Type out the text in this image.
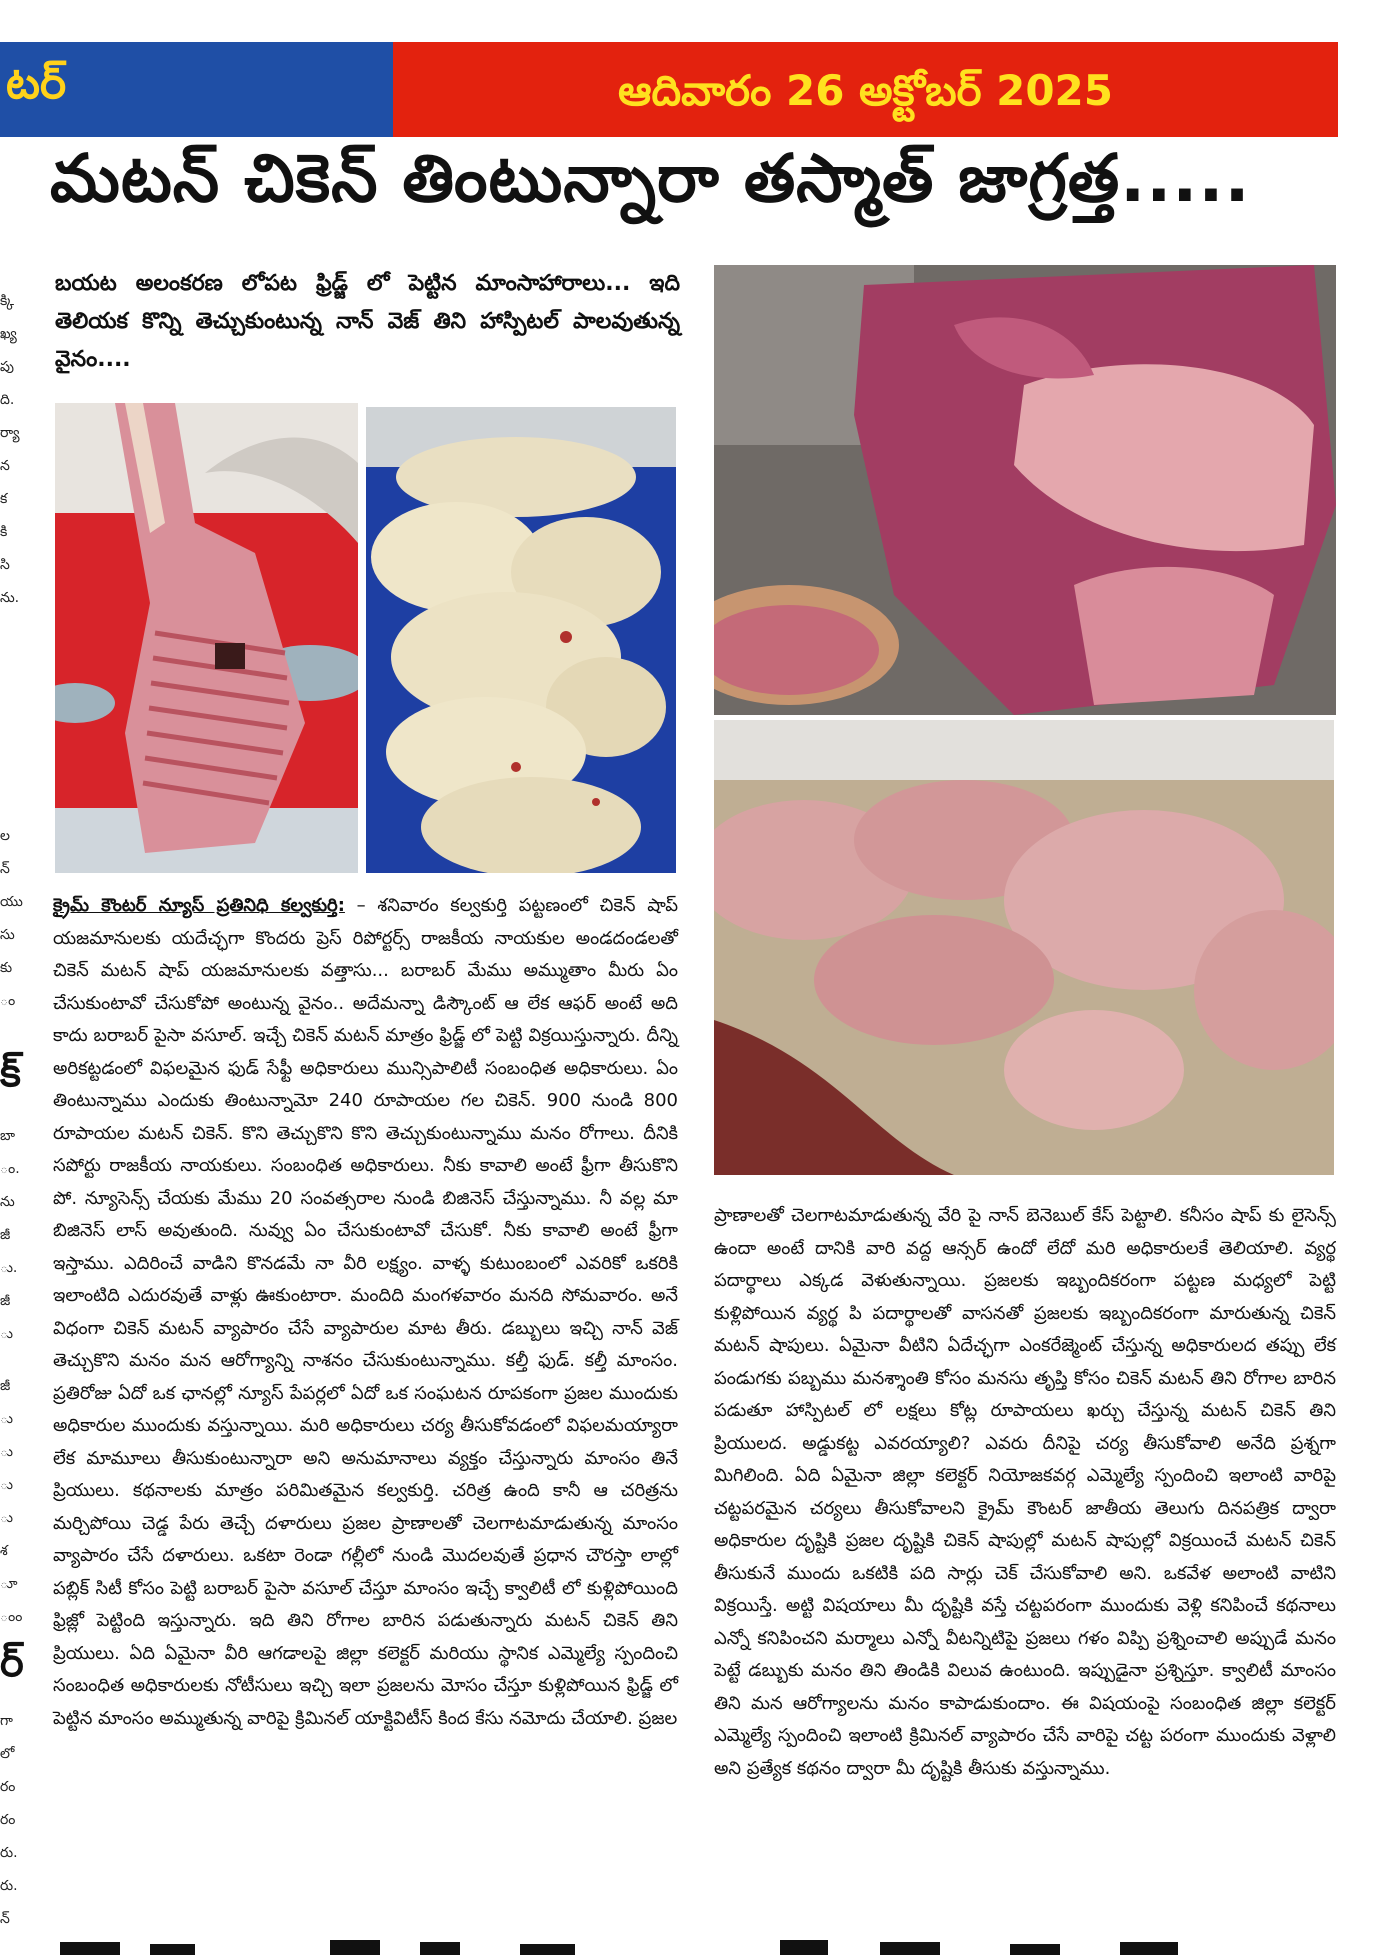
టర్	ఆదివారం 26 అక్టోబర్ 2025
మటన్ చికెన్ తింటున్నారా తస్మాత్ జాగ్రత్త.....
క్కి
ఖ్య
పు
ది.
ర్యా
న
క
కి
సి
ను.
ల
న్
యు
సు
కు
ం
క్
బా
ం.
ను
జీ
ు.
జీ
ు
జీ
ు
ు
ు
ు
శ
ూ
ంం
ర్
గా
లో
రం
రం
రు.
రు.
న్
బయట అలంకరణ లోపట ఫ్రిడ్జ్ లో పెట్టిన మాంసాహారాలు... ఇది తెలియక కొన్ని తెచ్చుకుంటున్న నాన్ వెజ్ తిని హాస్పిటల్ పాలవుతున్న వైనం....

క్రైమ్ కౌంటర్ న్యూస్ ప్రతినిధి కల్వకుర్తి: – శనివారం కల్వకుర్తి పట్టణంలో చికెన్ షాప్ యజమానులకు యదేచ్ఛగా కొందరు ప్రెస్ రిపోర్టర్స్ రాజకీయ నాయకుల అండదండలతో చికెన్ మటన్ షాప్ యజమానులకు వత్తాసు... బరాబర్ మేము అమ్ముతాం మీరు ఏం చేసుకుంటావో చేసుకోపో అంటున్న వైనం.. అదేమన్నా డిస్కౌంట్ ఆ లేక ఆఫర్ అంటే అది కాదు బరాబర్ పైసా వసూల్. ఇచ్చే చికెన్ మటన్ మాత్రం ఫ్రిడ్జ్ లో పెట్టి విక్రయిస్తున్నారు. దీన్ని అరికట్టడంలో విఫలమైన ఫుడ్ సేఫ్టీ అధికారులు మున్సిపాలిటీ సంబంధిత అధికారులు. ఏం తింటున్నాము ఎందుకు తింటున్నామో 240 రూపాయల గల చికెన్. 900 నుండి 800 రూపాయల మటన్ చికెన్. కొని తెచ్చుకొని కొని తెచ్చుకుంటున్నాము మనం రోగాలు. దీనికి సపోర్టు రాజకీయ నాయకులు. సంబంధిత అధికారులు. నీకు కావాలి అంటే ఫ్రీగా తీసుకొని పో. న్యూసెన్స్ చేయకు మేము 20 సంవత్సరాల నుండి బిజినెస్ చేస్తున్నాము. నీ వల్ల మా బిజినెస్ లాస్ అవుతుంది. నువ్వు ఏం చేసుకుంటావో చేసుకో. నీకు కావాలి అంటే ఫ్రీగా ఇస్తాము. ఎదిరించే వాడిని కొనడమే నా వీరి లక్ష్యం. వాళ్ళ కుటుంబంలో ఎవరికో ఒకరికి ఇలాంటిది ఎదురవుతే వాళ్లు ఊకుంటారా. మందిది మంగళవారం మనది సోమవారం. అనే విధంగా చికెన్ మటన్ వ్యాపారం చేసే వ్యాపారుల మాట తీరు. డబ్బులు ఇచ్చి నాన్ వెజ్ తెచ్చుకొని మనం మన ఆరోగ్యాన్ని నాశనం చేసుకుంటున్నాము. కల్తీ ఫుడ్. కల్తీ మాంసం. ప్రతిరోజు ఏదో ఒక ఛానల్లో న్యూస్ పేపర్లలో ఏదో ఒక సంఘటన రూపకంగా ప్రజల ముందుకు అధికారుల ముందుకు వస్తున్నాయి. మరి అధికారులు చర్య తీసుకోవడంలో విఫలమయ్యారా లేక మామూలు తీసుకుంటున్నారా అని అనుమానాలు వ్యక్తం చేస్తున్నారు మాంసం తినే ప్రియులు. కథనాలకు మాత్రం పరిమితమైన కల్వకుర్తి. చరిత్ర ఉంది కానీ ఆ చరిత్రను మర్చిపోయి చెడ్డ పేరు తెచ్చే దళారులు ప్రజల ప్రాణాలతో చెలగాటమాడుతున్న మాంసం వ్యాపారం చేసే దళారులు. ఒకటా రెండా గల్లీలో నుండి మొదలవుతే ప్రధాన చౌరస్తా లాల్లో పబ్లిక్ సిటీ కోసం పెట్టి బరాబర్ పైసా వసూల్ చేస్తూ మాంసం ఇచ్చే క్వాలిటీ లో కుళ్లిపోయింది ఫ్రిజ్లో పెట్టింది ఇస్తున్నారు. ఇది తిని రోగాల బారిన పడుతున్నారు మటన్ చికెన్ తిని ప్రియులు. ఏది ఏమైనా వీరి ఆగడాలపై జిల్లా కలెక్టర్ మరియు స్థానిక ఎమ్మెల్యే స్పందించి సంబంధిత అధికారులకు నోటీసులు ఇచ్చి ఇలా ప్రజలను మోసం చేస్తూ కుళ్లిపోయిన ఫ్రిడ్జ్ లో పెట్టిన మాంసం అమ్ముతున్న వారిపై క్రిమినల్ యాక్టివిటీస్ కింద కేసు నమోదు చేయాలి. ప్రజల

ప్రాణాలతో చెలగాటమాడుతున్న వేరి పై నాన్ బెనెబుల్ కేస్ పెట్టాలి. కనీసం షాప్ కు లైసెన్స్ ఉందా అంటే దానికి వారి వద్ద ఆన్సర్ ఉందో లేదో మరి అధికారులకే తెలియాలి. వ్యర్థ పదార్థాలు ఎక్కడ వెళుతున్నాయి. ప్రజలకు ఇబ్బందికరంగా పట్టణ మధ్యలో పెట్టి కుళ్లిపోయిన వ్యర్థ పి పదార్థాలతో వాసనతో ప్రజలకు ఇబ్బందికరంగా మారుతున్న చికెన్ మటన్ షాపులు. ఏమైనా వీటిని ఏదేచ్ఛగా ఎంకరేజ్మెంట్ చేస్తున్న అధికారులద తప్పు లేక పండుగకు పబ్బము మనశ్శాంతి కోసం మనసు తృప్తి కోసం చికెన్ మటన్ తిని రోగాల బారిన పడుతూ హాస్పిటల్ లో లక్షలు కోట్ల రూపాయలు ఖర్చు చేస్తున్న మటన్ చికెన్ తిని ప్రియులద. అడ్డుకట్ట ఎవరయ్యాలి? ఎవరు దీనిపై చర్య తీసుకోవాలి అనేది ప్రశ్నగా మిగిలింది. ఏది ఏమైనా జిల్లా కలెక్టర్ నియోజకవర్గ ఎమ్మెల్యే స్పందించి ఇలాంటి వారిపై చట్టపరమైన చర్యలు తీసుకోవాలని క్రైమ్ కౌంటర్ జాతీయ తెలుగు దినపత్రిక ద్వారా అధికారుల దృష్టికి ప్రజల దృష్టికి చికెన్ షాపుల్లో మటన్ షాపుల్లో విక్రయించే మటన్ చికెన్ తీసుకునే ముందు ఒకటికి పది సార్లు చెక్ చేసుకోవాలి అని. ఒకవేళ అలాంటి వాటిని విక్రయిస్తే. అట్టి విషయాలు మీ దృష్టికి వస్తే చట్టపరంగా ముందుకు వెళ్లి కనిపించే కథనాలు ఎన్నో కనిపించని మర్మాలు ఎన్నో వీటన్నిటిపై ప్రజలు గళం విప్పి ప్రశ్నించాలి అప్పుడే మనం పెట్టే డబ్బుకు మనం తిని తిండికి విలువ ఉంటుంది. ఇప్పుడైనా ప్రశ్నిస్తూ. క్వాలిటీ మాంసం తిని మన ఆరోగ్యాలను మనం కాపాడుకుందాం. ఈ విషయంపై సంబంధిత జిల్లా కలెక్టర్ ఎమ్మెల్యే స్పందించి ఇలాంటి క్రిమినల్ వ్యాపారం చేసే వారిపై చట్ట పరంగా ముందుకు వెళ్లాలి అని ప్రత్యేక కథనం ద్వారా మీ దృష్టికి తీసుకు వస్తున్నాము.
